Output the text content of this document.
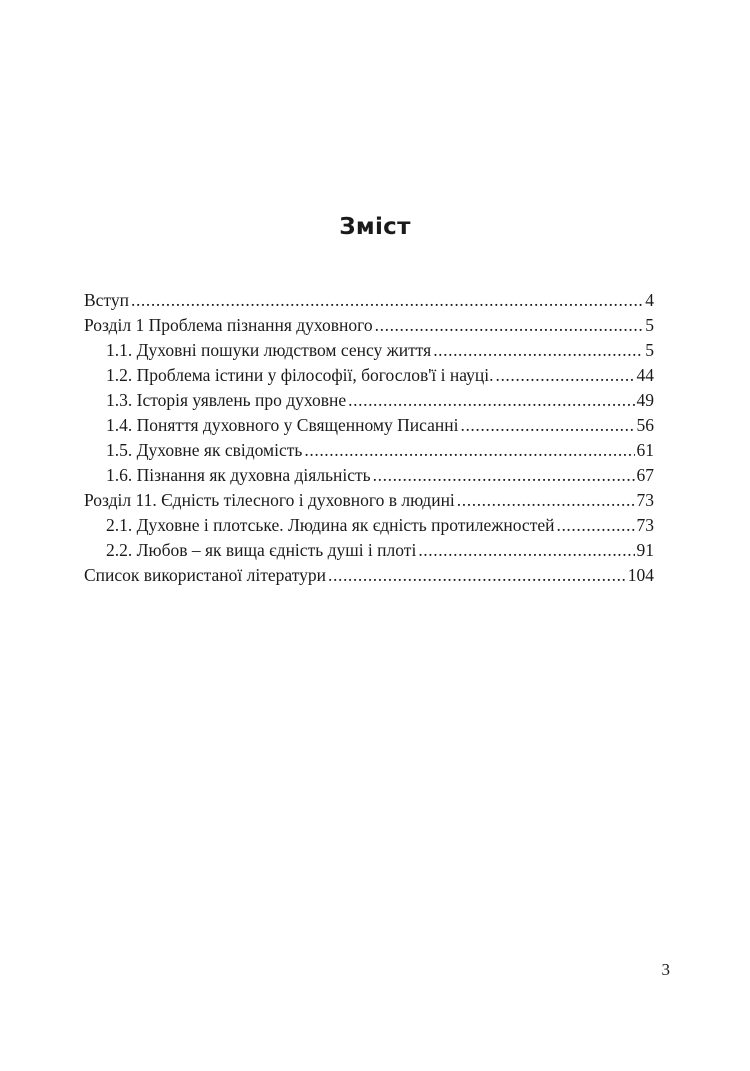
Зміст
Вступ .....	4
Розділ 1 Проблема пізнання духовного .....	5
1.1. Духовні пошуки людством сенсу життя .....	5
1.2. Проблема істини у філософії, богослов'ї і науці. .....	44
1.3. Історія уявлень про духовне .....	49
1.4. Поняття духовного у Священному Писанні .....	56
1.5. Духовне як свідомість .....	61
1.6. Пізнання як духовна діяльність .....	67
Розділ 11. Єдність тілесного і духовного в людині .....	73
2.1. Духовне і плотське. Людина як єдність протилежностей .....	73
2.2. Любов – як вища єдність душі і плоті .....	91
Список використаної літератури .....	104

3
